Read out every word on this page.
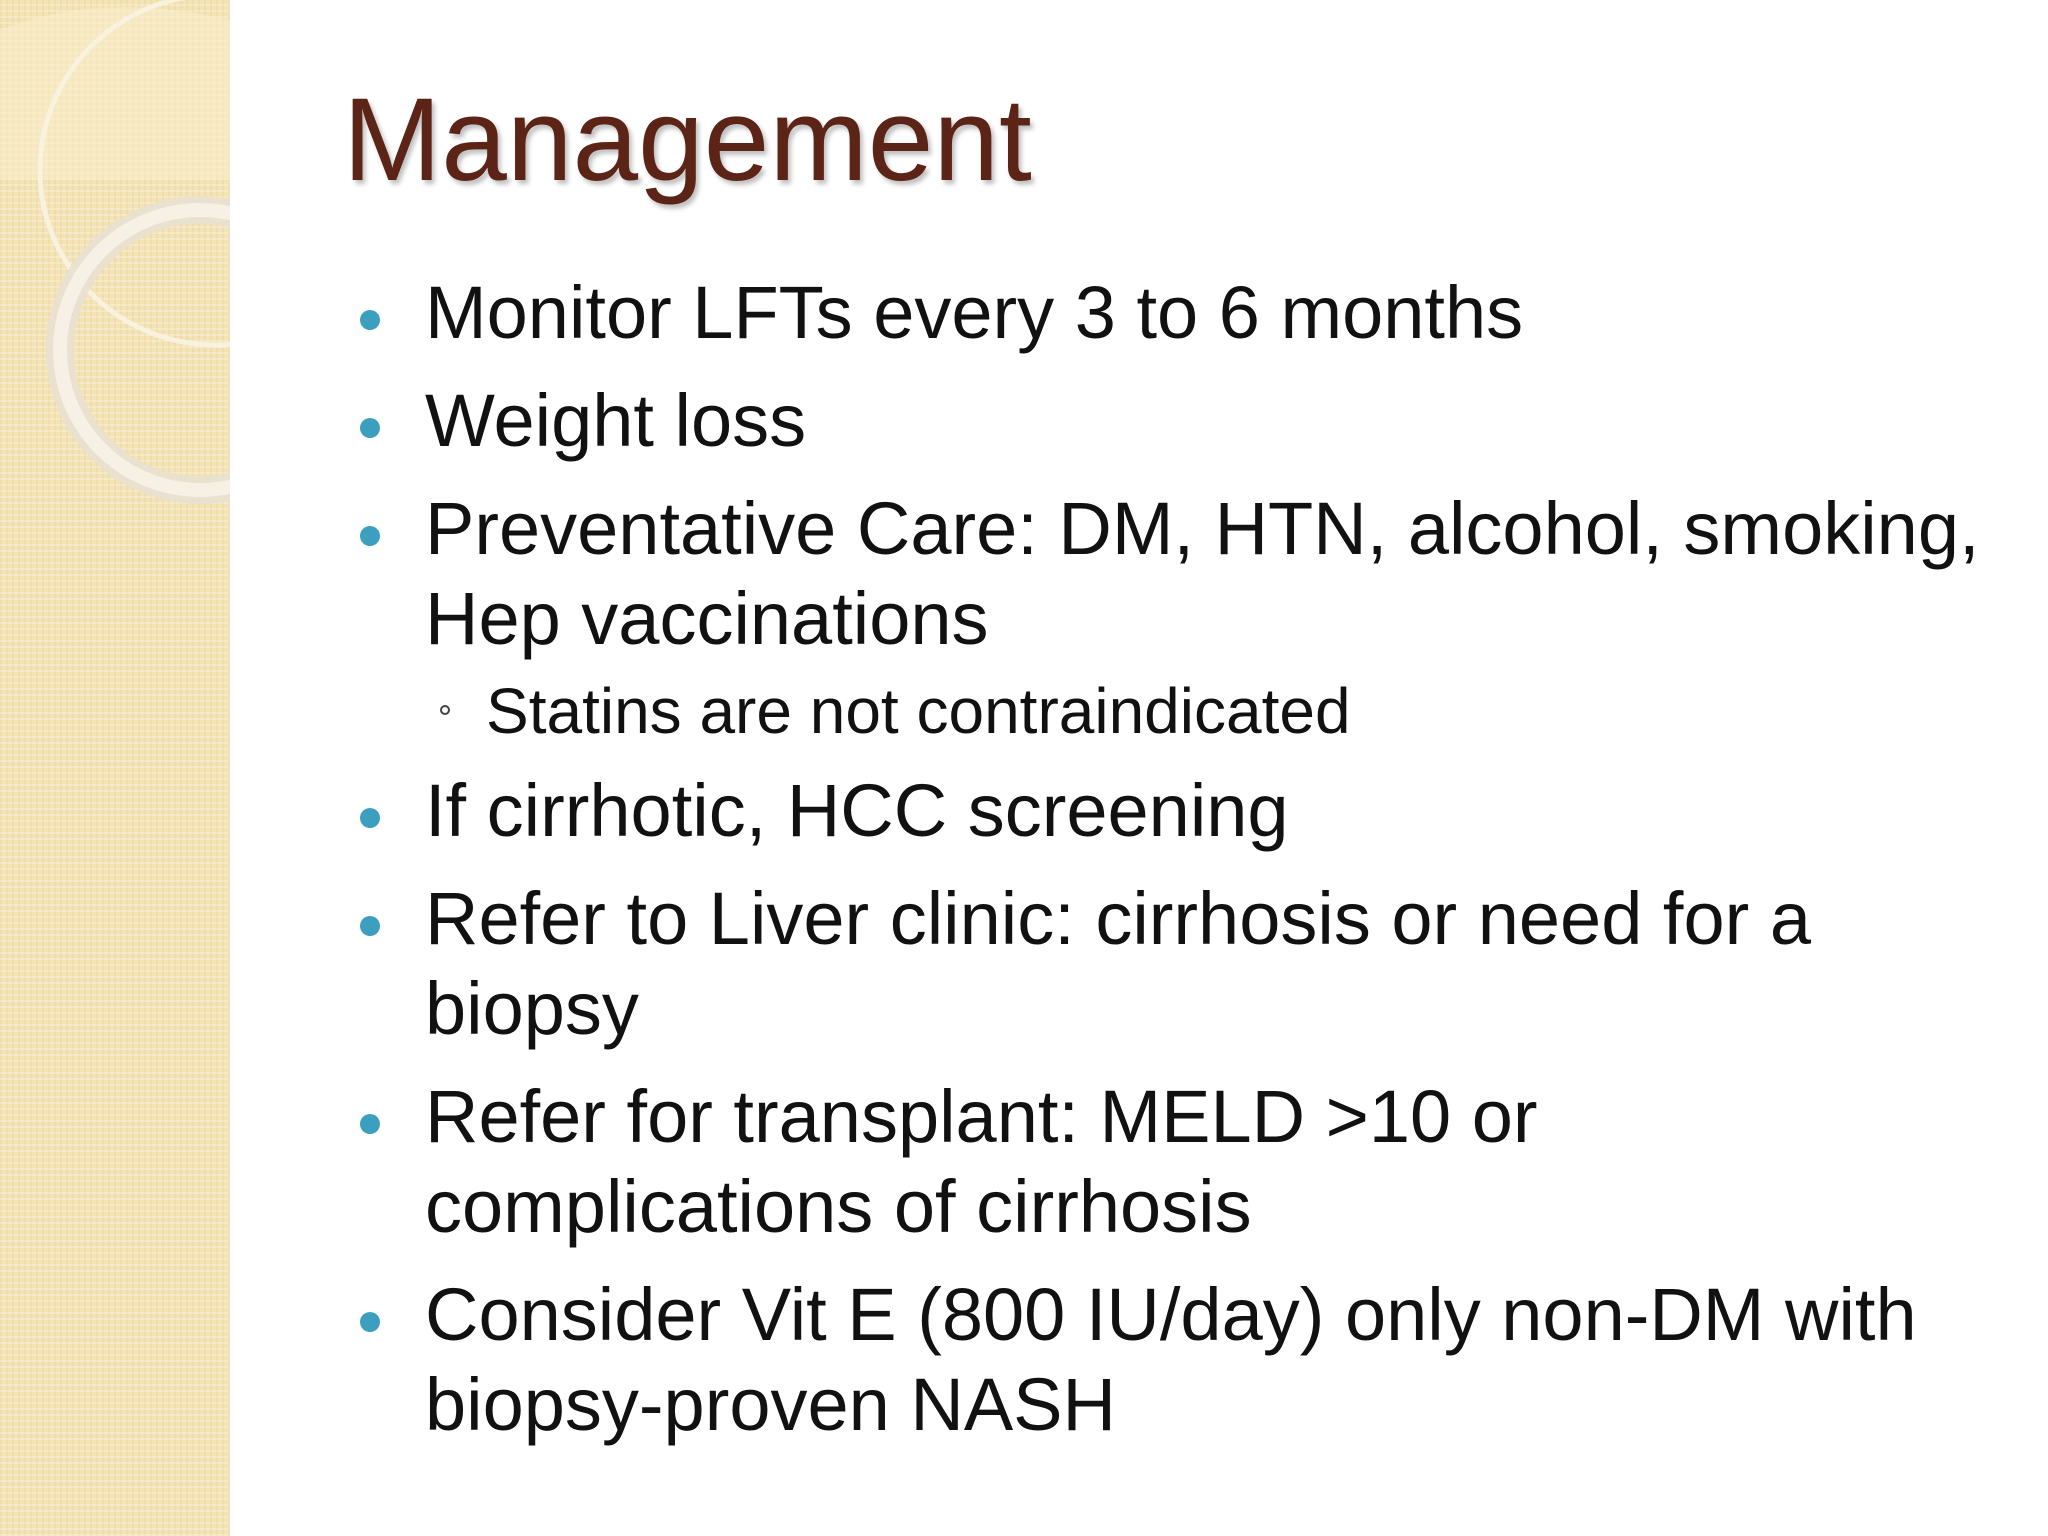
Management
Monitor LFTs every 3 to 6 months
Weight loss
Preventative Care: DM, HTN, alcohol, smoking, Hep vaccinations
Statins are not contraindicated
If cirrhotic, HCC screening
Refer to Liver clinic: cirrhosis or need for a biopsy
Refer for transplant: MELD >10 or complications of cirrhosis
Consider Vit E (800 IU/day) only non-DM with biopsy-proven NASH
